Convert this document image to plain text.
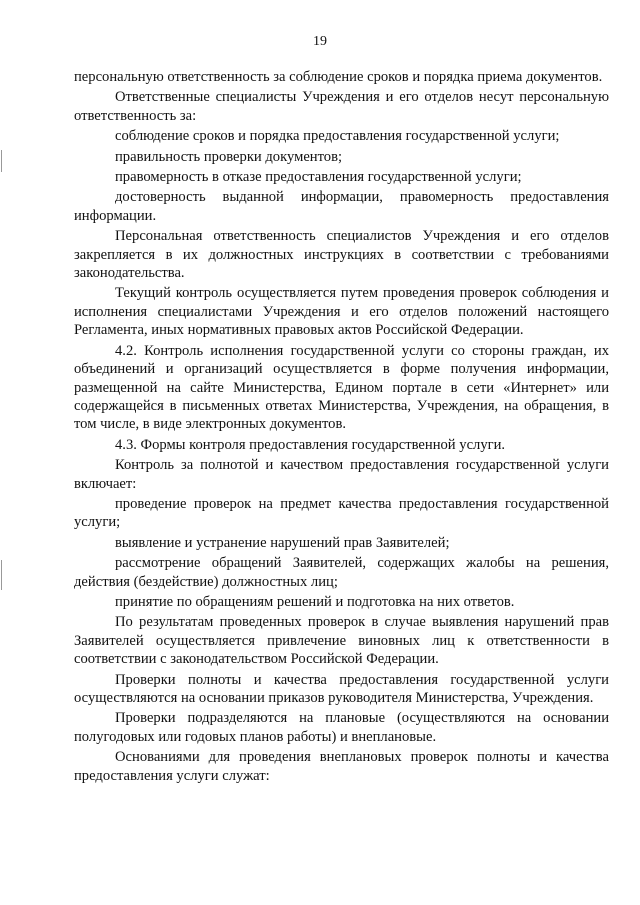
19

персональную ответственность за соблюдение сроков и порядка приема документов.

Ответственные специалисты Учреждения и его отделов несут персональную ответственность за:

соблюдение сроков и порядка предоставления государственной услуги;

правильность проверки документов;

правомерность в отказе предоставления государственной услуги;

достоверность выданной информации, правомерность предоставления информации.

Персональная ответственность специалистов Учреждения и его отделов закрепляется в их должностных инструкциях в соответствии с требованиями законодательства.

Текущий контроль осуществляется путем проведения проверок соблюдения и исполнения специалистами Учреждения и его отделов положений настоящего Регламента, иных нормативных правовых актов Российской Федерации.

4.2. Контроль исполнения государственной услуги со стороны граждан, их объединений и организаций осуществляется в форме получения информации, размещенной на сайте Министерства, Едином портале в сети «Интернет» или содержащейся в письменных ответах Министерства, Учреждения, на обращения, в том числе, в виде электронных документов.

4.3. Формы контроля предоставления государственной услуги.

Контроль за полнотой и качеством предоставления государственной услуги включает:

проведение проверок на предмет качества предоставления государственной услуги;

выявление и устранение нарушений прав Заявителей;

рассмотрение обращений Заявителей, содержащих жалобы на решения, действия (бездействие) должностных лиц;

принятие по обращениям решений и подготовка на них ответов.

По результатам проведенных проверок в случае выявления нарушений прав Заявителей осуществляется привлечение виновных лиц к ответственности в соответствии с законодательством Российской Федерации.

Проверки полноты и качества предоставления государственной услуги осуществляются на основании приказов руководителя Министерства, Учреждения.

Проверки подразделяются на плановые (осуществляются на основании полугодовых или годовых планов работы) и внеплановые.

Основаниями для проведения внеплановых проверок полноты и качества предоставления услуги служат:
